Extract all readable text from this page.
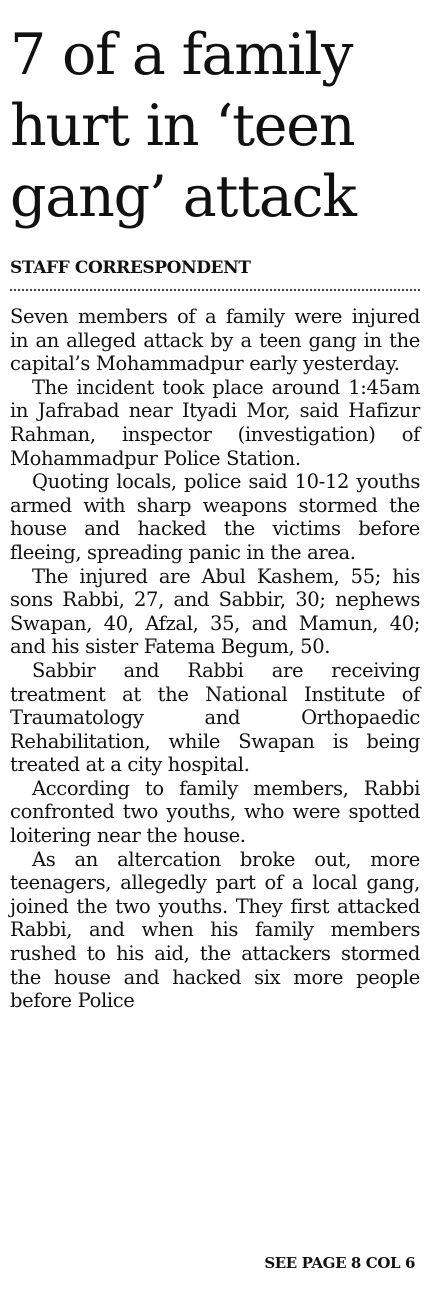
7 of a family
hurt in ‘teen
gang’ attack
STAFF CORRESPONDENT

Seven members of a family were injured in an alleged attack by a teen gang in the capital’s Mohammadpur early yesterday.

The incident took place around 1:45am in Jafrabad near Ityadi Mor, said Hafizur Rahman, inspector (investigation) of Mohammadpur Police Station.

Quoting locals, police said 10-12 youths armed with sharp weapons stormed the house and hacked the victims before fleeing, spreading panic in the area.

The injured are Abul Kashem, 55; his sons Rabbi, 27, and Sabbir, 30; nephews Swapan, 40, Afzal, 35, and Mamun, 40; and his sister Fatema Begum, 50.

Sabbir and Rabbi are receiving treatment at the National Institute of Traumatology and Orthopaedic Rehabilitation, while Swapan is being treated at a city hospital.

According to family members, Rabbi confronted two youths, who were spotted loitering near the house.

As an altercation broke out, more teenagers, allegedly part of a local gang, joined the two youths. They first attacked Rabbi, and when his family members rushed to his aid, the attackers stormed the house and hacked six more people before Police

SEE PAGE 8 COL 6
